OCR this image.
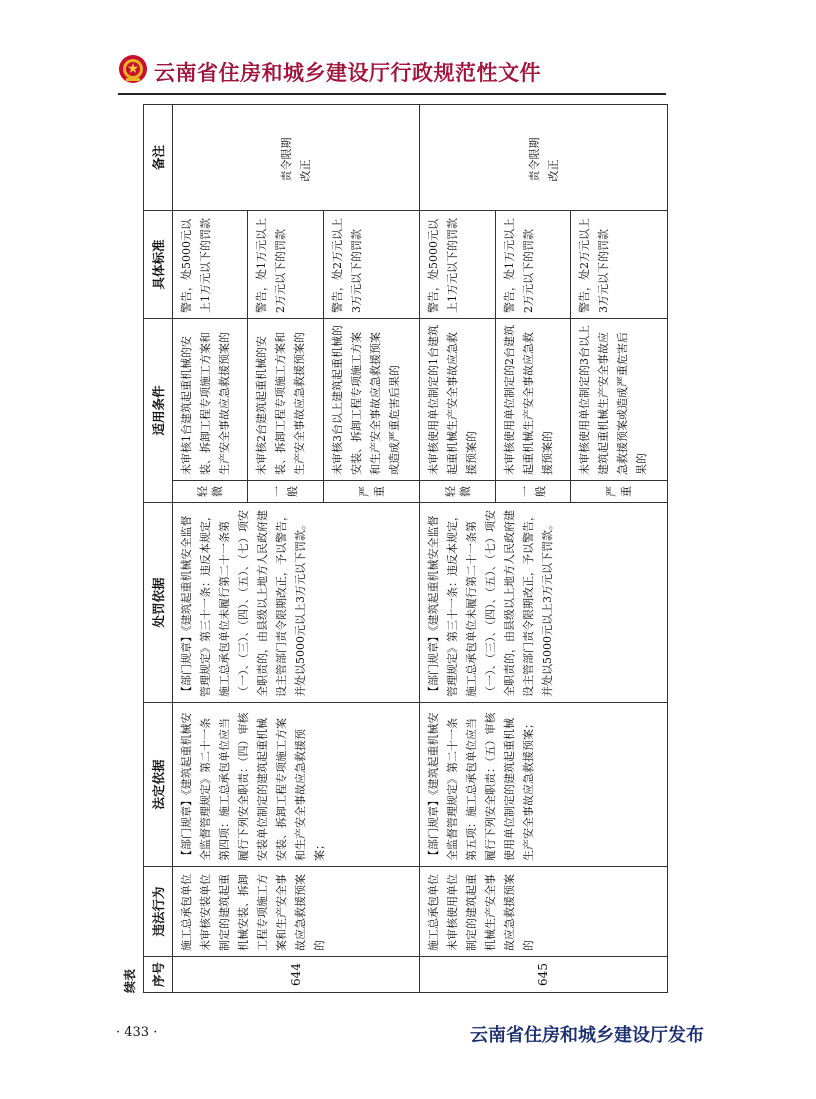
云南省住房和城乡建设厅行政规范性文件
续表 序号	违法行为	法定依据	处罚依据	适用条件		具体标准	备注
644	施工总承包单位未审核安装单位制定的建筑起重机械安装、拆卸工程专项施工方案和生产安全事故应急救援预案的	【部门规章】《建筑起重机械安全监督管理规定》第二十一条第四项：施工总承包单位应当履行下列安全职责：（四）审核安装单位制定的建筑起重机械安装、拆卸工程专项施工方案和生产安全事故应急救援预案；	【部门规章】《建筑起重机械安全监督管理规定》第三十一条：违反本规定，施工总承包单位未履行第二十一条第（一）、（三）、（四）、（五）、（七）项安全职责的，由县级以上地方人民政府建设主管部门责令限期改正，予以警告，并处以5000元以上3万元以下罚款。	轻微	未审核1台建筑起重机械的安装、拆卸工程专项施工方案和生产安全事故应急救援预案的	警告，处5000元以上1万元以下的罚款	责令限期改正

				一般	未审核2台建筑起重机械的安装、拆卸工程专项施工方案和生产安全事故应急救援预案的	警告，处1万元以上2万元以下的罚款	

				严重	未审核3台以上建筑起重机械的安装、拆卸工程专项施工方案和生产安全事故应急救援预案或造成严重危害后果的	警告，处2万元以上3万元以下的罚款	
645	施工总承包单位未审核使用单位制定的建筑起重机械生产安全事故应急救援预案的	【部门规章】《建筑起重机械安全监督管理规定》第二十一条第五项：施工总承包单位应当履行下列安全职责：（五）审核使用单位制定的建筑起重机械生产安全事故应急救援预案；	【部门规章】《建筑起重机械安全监督管理规定》第三十一条：违反本规定，施工总承包单位未履行第二十一条第（一）、（三）、（四）、（五）、（七）项安全职责的，由县级以上地方人民政府建设主管部门责令限期改正，予以警告，并处以5000元以上3万元以下罚款。	轻微	未审核使用单位制定的1台建筑起重机械生产安全事故应急救援预案的	警告，处5000元以上1万元以下的罚款	责令限期改正

				一般	未审核使用单位制定的2台建筑起重机械生产安全事故应急救援预案的	警告，处1万元以上2万元以下的罚款	

				严重	未审核使用单位制定的3台以上建筑起重机械生产安全事故应急救援预案或造成严重危害后果的	警告，处2万元以上3万元以下的罚款	
· 433 ·	云南省住房和城乡建设厅发布
